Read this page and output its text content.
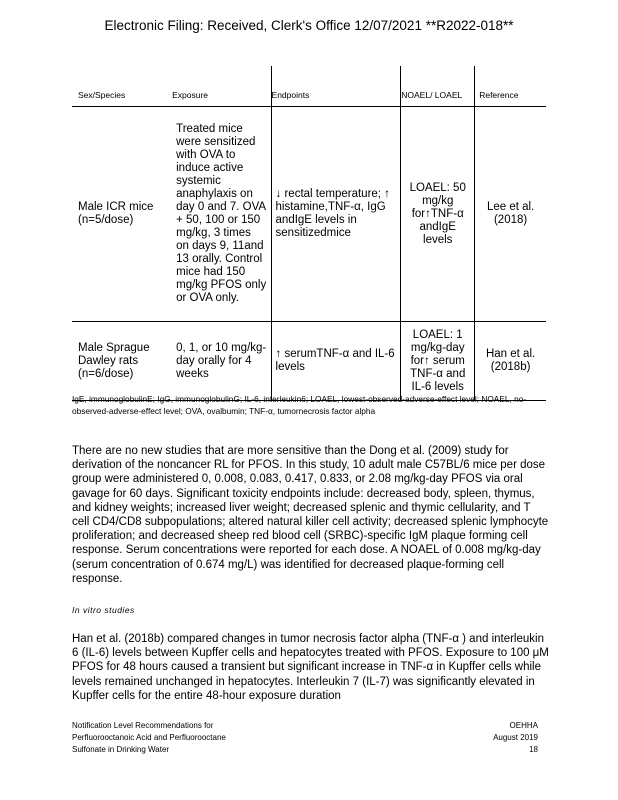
Electronic Filing: Received, Clerk's Office 12/07/2021 **R2022-018**
Sex/Species	Exposure	Endpoints	NOAEL/ LOAEL	Reference
Male ICR mice (n=5/dose)	Treated mice were sensitized with OVA to induce active systemic anaphylaxis on day 0 and 7. OVA + 50, 100 or 150 mg/kg, 3 times on days 9, 11and 13 orally. Control mice had 150 mg/kg PFOS only or OVA only.	↓ rectal temperature; ↑ histamine,TNF-α, IgG andIgE levels in sensitizedmice	LOAEL: 50 mg/kg for↑TNF-α andIgE levels	Lee et al. (2018)
Male Sprague Dawley rats (n=6/dose)	0, 1, or 10 mg/kg-day orally for 4 weeks	↑ serumTNF-α and IL-6 levels	LOAEL: 1 mg/kg-day for↑ serum TNF-α and IL-6 levels	Han et al. (2018b)
IgE, immunoglobulinE; IgG, immunoglobulinG; IL-6, interleukin6; LOAEL, lowest-observed-adverse-effect level; NOAEL, no-observed-adverse-effect level; OVA, ovalbumin; TNF-α, tumornecrosis factor alpha
There are no new studies that are more sensitive than the Dong et al. (2009) study for derivation of the noncancer RL for PFOS. In this study, 10 adult male C57BL/6 mice per dose group were administered 0, 0.008, 0.083, 0.417, 0.833, or 2.08 mg/kg-day PFOS via oral gavage for 60 days. Significant toxicity endpoints include: decreased body, spleen, thymus, and kidney weights; increased liver weight; decreased splenic and thymic cellularity, and T cell CD4/CD8 subpopulations; altered natural killer cell activity; decreased splenic lymphocyte proliferation; and decreased sheep red blood cell (SRBC)-specific IgM plaque forming cell response. Serum concentrations were reported for each dose. A NOAEL of 0.008 mg/kg-day (serum concentration of 0.674 mg/L) was identified for decreased plaque-forming cell response.
In vitro studies
Han et al. (2018b) compared changes in tumor necrosis factor alpha (TNF-α ) and interleukin 6 (IL-6) levels between Kupffer cells and hepatocytes treated with PFOS. Exposure to 100 μM PFOS for 48 hours caused a transient but significant increase in TNF-α in Kupffer cells while levels remained unchanged in hepatocytes. Interleukin 7 (IL-7) was significantly elevated in Kupffer cells for the entire 48-hour exposure duration
Notification Level Recommendations for
Perfluorooctanoic Acid and Perfluorooctane
Sulfonate in Drinking Water
OEHHA
August 2019
18
